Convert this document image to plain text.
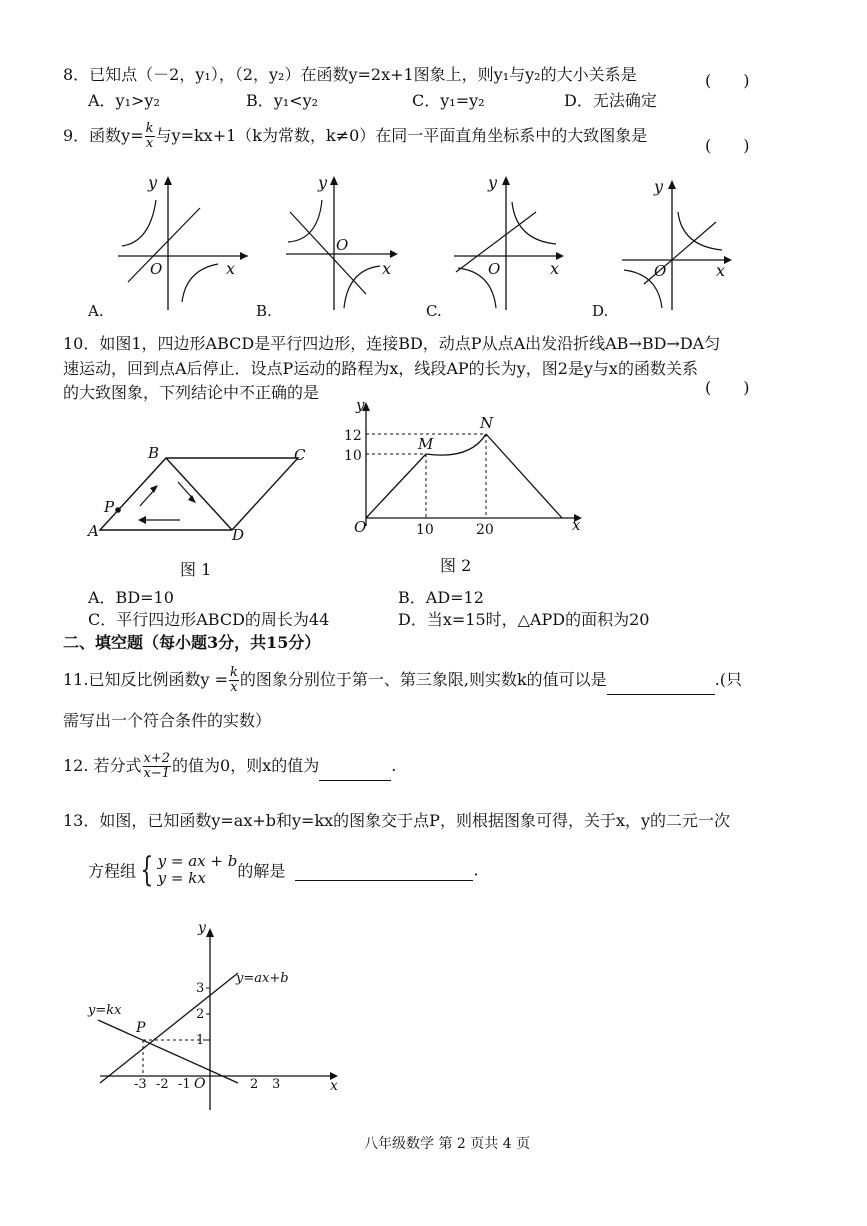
8．已知点（－2，y₁），（2，y₂）在函数y=2x+1图象上，则y₁与y₂的大小关系是	(　　)
A．y₁>y₂	B．y₁<y₂	C．y₁=y₂	D．无法确定
9．函数$y= \frac{k}{x}$ 与y=kx+1（k为常数，k≠0）在同一平面直角坐标系中的大致图象是
(　　)
y
x
O
A.
y
x
O
B.
y
x
O
C.
y
x
O
D.
10．如图1，四边形ABCD是平行四边形，连接BD，动点P从点A出发沿折线AB→BD→DA匀
速运动，回到点A后停止．设点P运动的路程为x，线段AP的长为y，图2是y与x的函数关系
的大致图象，下列结论中不正确的是	(　　)
A
B	C
D
P
图 1
y
x
O
M
N
12
10
10	20
图 2
A．BD=10	B．AD=12
C．平行四边形ABCD的周长为44	D．当x=15时，△APD的面积为20
二、填空题（每小题3分，共15分）
11.已知反比例函数$y = \frac{k}{x}$ 的图象分别位于第一、第三象限,则实数k的值可以是	.(只
需写出一个符合条件的实数）
12. 若分式 $\frac{x+2}{x-1}$ 的值为0，则x的值为	.
13．如图，已知函数y=ax+b和y=kx的图象交于点P，则根据图象可得，关于x，y的二元一次
方程组 { y = ax + b
y = kx	的解是	.
y
x
O
P
y=ax+b
y=kx
3
2
1
-3 -2 -1	2 3
八年级数学 第 2 页共 4 页
